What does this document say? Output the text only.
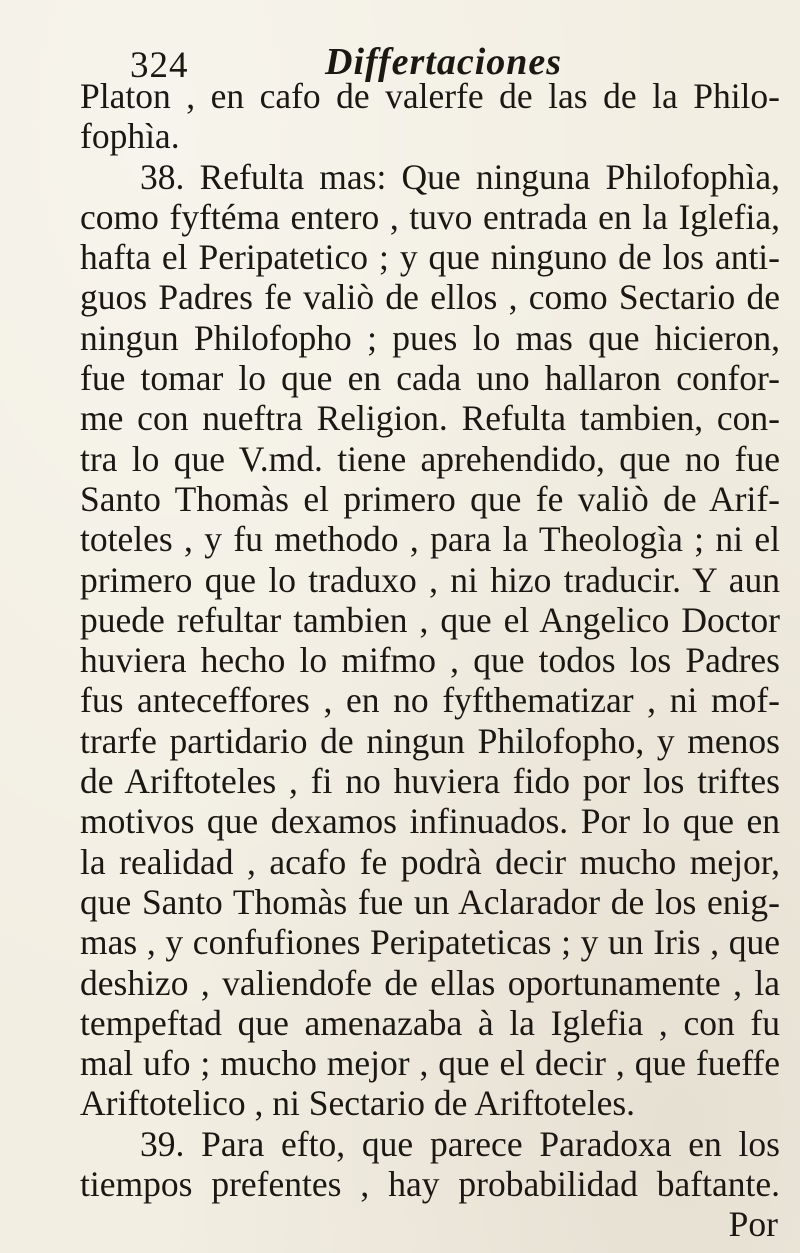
324	Differtaciones
Platon , en cafo de valerfe de las de la Philo-
fophìa.
38. Refulta mas: Que ninguna Philofophìa,
como fyftéma entero , tuvo entrada en la Iglefia,
hafta el Peripatetico ; y que ninguno de los anti-
guos Padres fe valiò de ellos , como Sectario de
ningun Philofopho ; pues lo mas que hicieron,
fue tomar lo que en cada uno hallaron confor-
me con nueftra Religion. Refulta tambien, con-
tra lo que V.md. tiene aprehendido, que no fue
Santo Thomàs el primero que fe valiò de Arif-
toteles , y fu methodo , para la Theologìa ; ni el
primero que lo traduxo , ni hizo traducir. Y aun
puede refultar tambien , que el Angelico Doctor
huviera hecho lo mifmo , que todos los Padres
fus anteceffores , en no fyfthematizar , ni mof-
trarfe partidario de ningun Philofopho, y menos
de Ariftoteles , fi no huviera fido por los triftes
motivos que dexamos infinuados. Por lo que en
la realidad , acafo fe podrà decir mucho mejor,
que Santo Thomàs fue un Aclarador de los enig-
mas , y confufiones Peripateticas ; y un Iris , que
deshizo , valiendofe de ellas oportunamente , la
tempeftad que amenazaba à la Iglefia , con fu
mal ufo ; mucho mejor , que el decir , que fueffe
Ariftotelico , ni Sectario de Ariftoteles.
39. Para efto, que parece Paradoxa en los
tiempos prefentes , hay probabilidad baftante.
Por
